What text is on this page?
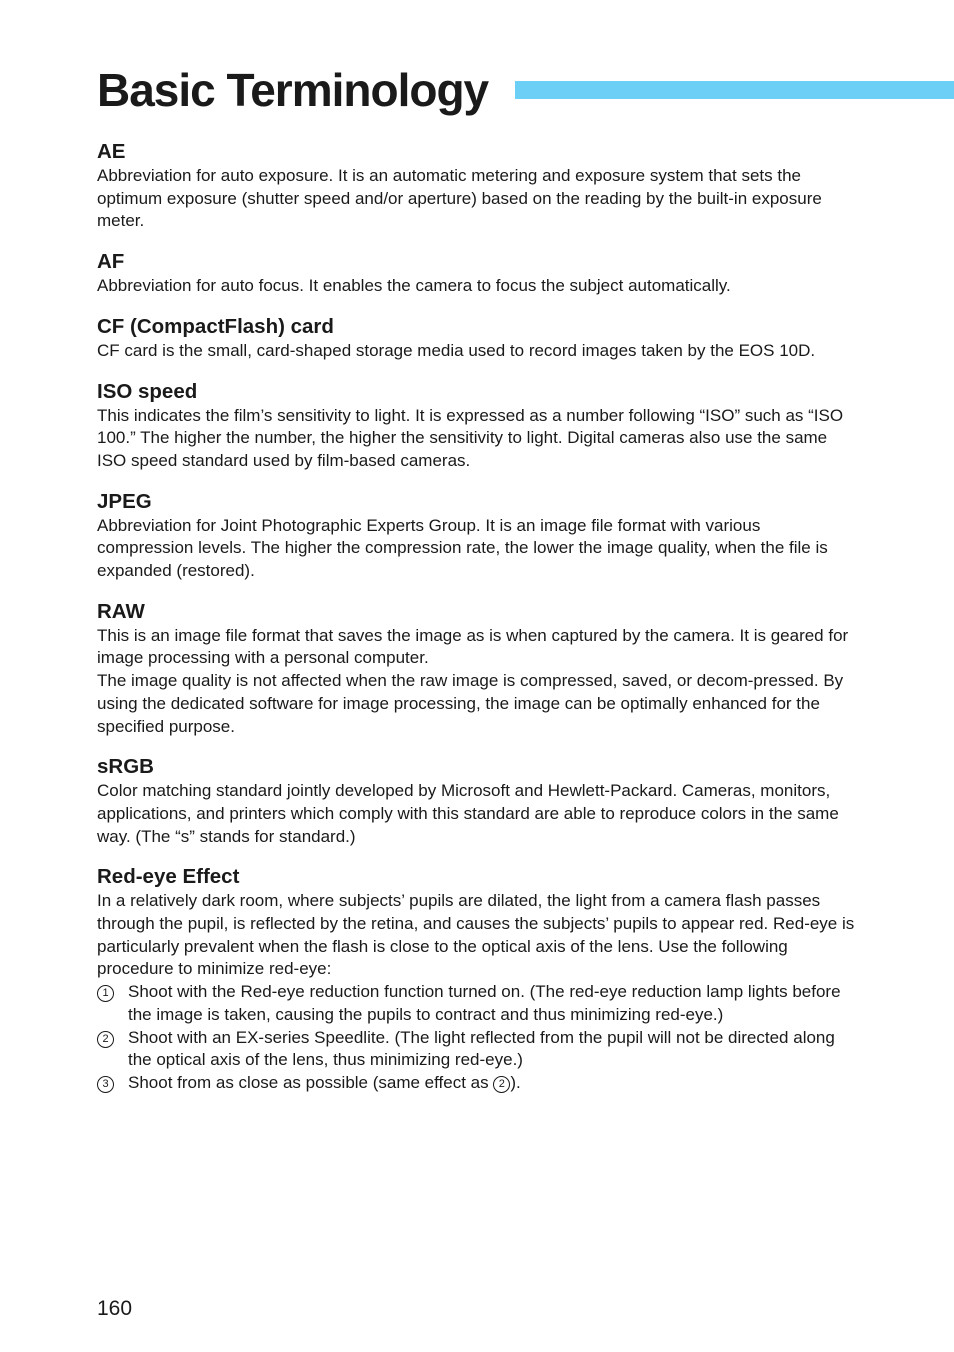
Basic Terminology
AE

Abbreviation for auto exposure. It is an automatic metering and exposure system that sets the optimum exposure (shutter speed and/or aperture) based on the reading by the built-in exposure meter.

AF

Abbreviation for auto focus. It enables the camera to focus the subject automatically.

CF (CompactFlash) card

CF card is the small, card-shaped storage media used to record images taken by the EOS 10D.

ISO speed

This indicates the film’s sensitivity to light. It is expressed as a number following “ISO” such as “ISO 100.” The higher the number, the higher the sensitivity to light. Digital cameras also use the same ISO speed standard used by film-based cameras.

JPEG

Abbreviation for Joint Photographic Experts Group. It is an image file format with various compression levels. The higher the compression rate, the lower the image quality, when the file is expanded (restored).

RAW

This is an image file format that saves the image as is when captured by the camera. It is geared for image processing with a personal computer.

The image quality is not affected when the raw image is compressed, saved, or decom-pressed. By using the dedicated software for image processing, the image can be optimally enhanced for the specified purpose.

sRGB

Color matching standard jointly developed by Microsoft and Hewlett-Packard. Cameras, monitors, applications, and printers which comply with this standard are able to reproduce colors in the same way. (The “s” stands for standard.)

Red-eye Effect

In a relatively dark room, where subjects’ pupils are dilated, the light from a camera flash passes through the pupil, is reflected by the retina, and causes the subjects’ pupils to appear red. Red-eye is particularly prevalent when the flash is close to the optical axis of the lens. Use the following procedure to minimize red-eye:

1	Shoot with the Red-eye reduction function turned on. (The red-eye reduction lamp lights before the image is taken, causing the pupils to contract and thus minimizing red-eye.)
2	Shoot with an EX-series Speedlite. (The light reflected from the pupil will not be directed along the optical axis of the lens, thus minimizing red-eye.)
3	Shoot from as close as possible (same effect as 2 ).
160
